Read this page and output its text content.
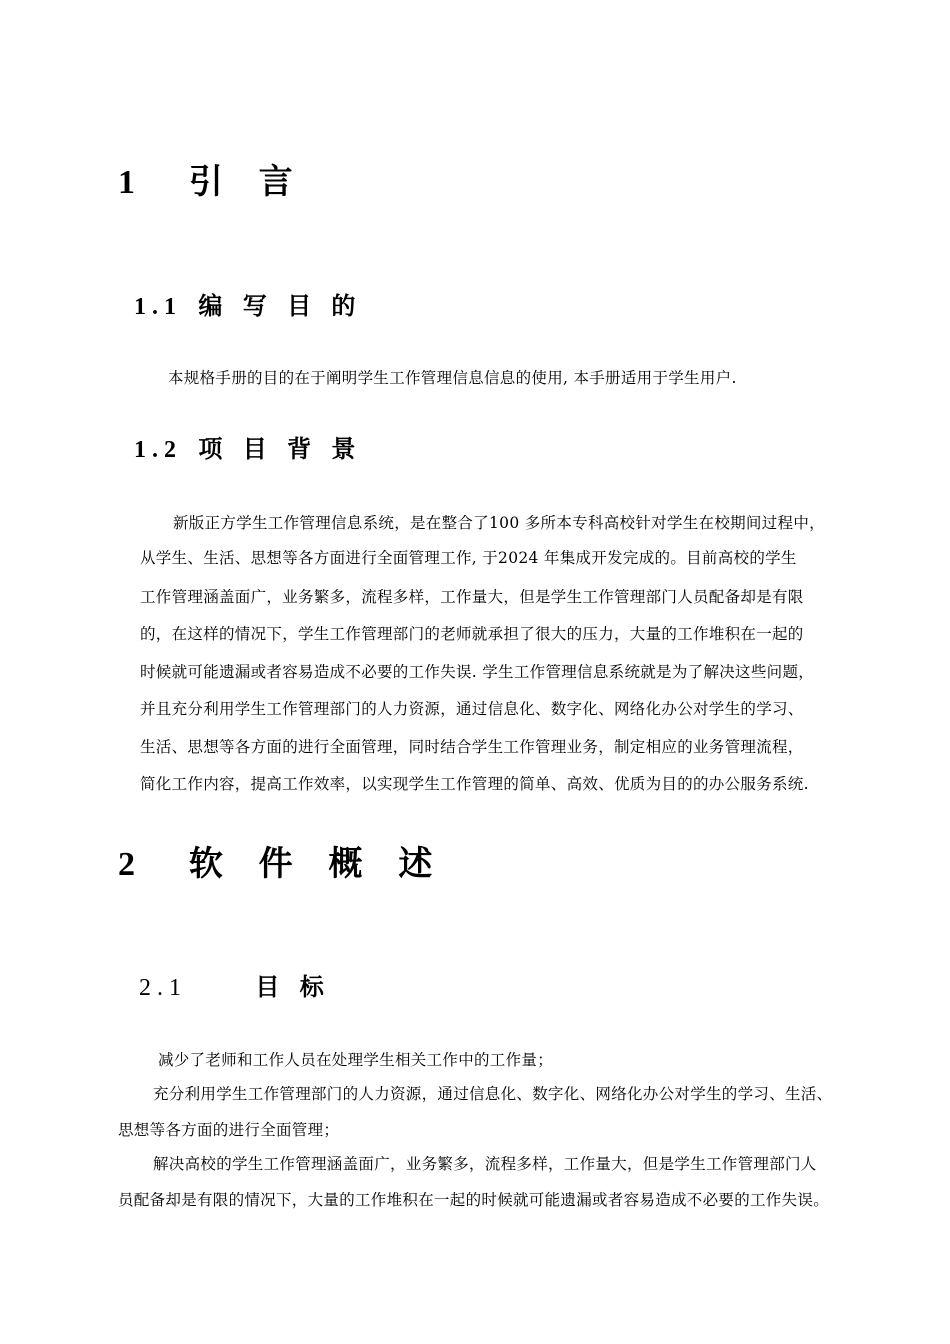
1 引 言
1.1 编 写 目 的
本规格手册的目的在于阐明学生工作管理信息信息的使用, 本手册适用于学生用户.
1.2 项 目 背 景
新版正方学生工作管理信息系统，是在整合了100 多所本专科高校针对学生在校期间过程中，
从学生、生活、思想等各方面进行全面管理工作, 于2024 年集成开发完成的。目前高校的学生
工作管理涵盖面广，业务繁多，流程多样，工作量大，但是学生工作管理部门人员配备却是有限
的，在这样的情况下，学生工作管理部门的老师就承担了很大的压力，大量的工作堆积在一起的
时候就可能遗漏或者容易造成不必要的工作失误. 学生工作管理信息系统就是为了解决这些问题，
并且充分利用学生工作管理部门的人力资源，通过信息化、数字化、网络化办公对学生的学习、
生活、思想等各方面的进行全面管理，同时结合学生工作管理业务，制定相应的业务管理流程，
简化工作内容，提高工作效率，以实现学生工作管理的简单、高效、优质为目的的办公服务系统.
2 软 件 概 述
2.1	目 标
减少了老师和工作人员在处理学生相关工作中的工作量；
充分利用学生工作管理部门的人力资源，通过信息化、数字化、网络化办公对学生的学习、生活、
思想等各方面的进行全面管理；
解决高校的学生工作管理涵盖面广，业务繁多，流程多样，工作量大，但是学生工作管理部门人
员配备却是有限的情况下，大量的工作堆积在一起的时候就可能遗漏或者容易造成不必要的工作失误。
